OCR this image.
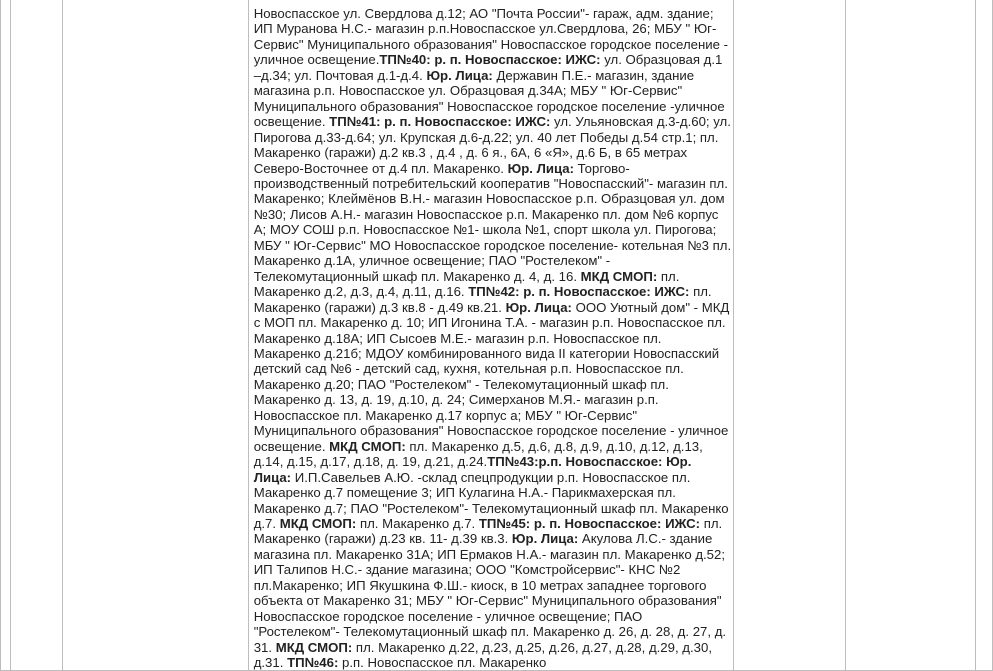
Новоспасское ул. Свердлова д.12; АО "Почта России"- гараж, адм. здание; ИП Муранова Н.С.- магазин р.п.Новоспасское ул.Свердлова, 26; МБУ " Юг-Сервис" Муниципального образования" Новоспасское городское поселение - уличное освещение.ТП№40: р. п. Новоспасское: ИЖС: ул. Образцовая д.1 –д.34; ул. Почтовая д.1-д.4. Юр. Лица: Державин П.Е.- магазин, здание магазина р.п. Новоспасское ул. Образцовая д.34А; МБУ " Юг-Сервис" Муниципального образования" Новоспасское городское поселение -уличное освещение. ТП№41: р. п. Новоспасское: ИЖС: ул. Ульяновская д.3-д.60; ул. Пирогова д.33-д.64; ул. Крупская д.6-д.22; ул. 40 лет Победы д.54 стр.1; пл. Макаренко (гаражи) д.2 кв.3 , д.4 , д. 6 я., 6А, 6 «Я», д.6 Б, в 65 метрах Северо-Восточнее от д.4 пл. Макаренко. Юр. Лица: Торгово-производственный потребительский кооператив "Новоспасский"- магазин пл. Макаренко; Клеймёнов В.Н.- магазин Новоспасское р.п. Образцовая ул. дом №30; Лисов А.Н.- магазин Новоспасское р.п. Макаренко пл. дом №6 корпус А; МОУ СОШ р.п. Новоспасское №1- школа №1, спорт школа ул. Пирогова; МБУ " Юг-Сервис" МО Новоспасское городское поселение- котельная №3 пл. Макаренко д.1А, уличное освещение; ПАО "Ростелеком" - Телекомутационный шкаф пл. Макаренко д. 4, д. 16. МКД СМОП: пл. Макаренко д.2, д.3, д.4, д.11, д.16. ТП№42: р. п. Новоспасское: ИЖС: пл. Макаренко (гаражи) д.3 кв.8 - д.49 кв.21. Юр. Лица: ООО Уютный дом" - МКД с МОП пл. Макаренко д. 10; ИП Игонина Т.А. - магазин р.п. Новоспасское пл. Макаренко д.18А; ИП Сысоев М.Е.- магазин р.п. Новоспасское пл. Макаренко д.21б; МДОУ комбинированного вида II категории Новоспасский детский сад №6 - детский сад, кухня, котельная р.п. Новоспасское пл. Макаренко д.20; ПАО "Ростелеком" - Телекомутационный шкаф пл. Макаренко д. 13, д. 19, д.10, д. 24; Симерханов М.Я.- магазин р.п. Новоспасское пл. Макаренко д.17 корпус а; МБУ " Юг-Сервис" Муниципального образования" Новоспасское городское поселение - уличное освещение. МКД СМОП: пл. Макаренко д.5, д.6, д.8, д.9, д.10, д.12, д.13, д.14, д.15, д.17, д.18, д. 19, д.21, д.24.ТП№43:р.п. Новоспасское: Юр. Лица: И.П.Савельев А.Ю. -склад спецпродукции р.п. Новоспасское пл. Макаренко д.7 помещение 3; ИП Кулагина Н.А.- Парикмахерская пл. Макаренко д.7; ПАО "Ростелеком"- Телекомутационный шкаф пл. Макаренко д.7. МКД СМОП: пл. Макаренко д.7. ТП№45: р. п. Новоспасское: ИЖС: пл. Макаренко (гаражи) д.23 кв. 11- д.39 кв.3. Юр. Лица: Акулова Л.С.- здание магазина пл. Макаренко 31А; ИП Ермаков Н.А.- магазин пл. Макаренко д.52; ИП Талипов Н.С.- здание магазина; ООО "Комстройсервис"- КНС №2 пл.Макаренко; ИП Якушкина Ф.Ш.- киоск, в 10 метрах западнее торгового объекта от Макаренко 31; МБУ " Юг-Сервис" Муниципального образования" Новоспасское городское поселение - уличное освещение; ПАО "Ростелеком"- Телекомутационный шкаф пл. Макаренко д. 26, д. 28, д. 27, д. 31. МКД СМОП: пл. Макаренко д.22, д.23, д.25, д.26, д.27, д.28, д.29, д.30, д.31. ТП№46: р.п. Новоспасское пл. Макаренко
